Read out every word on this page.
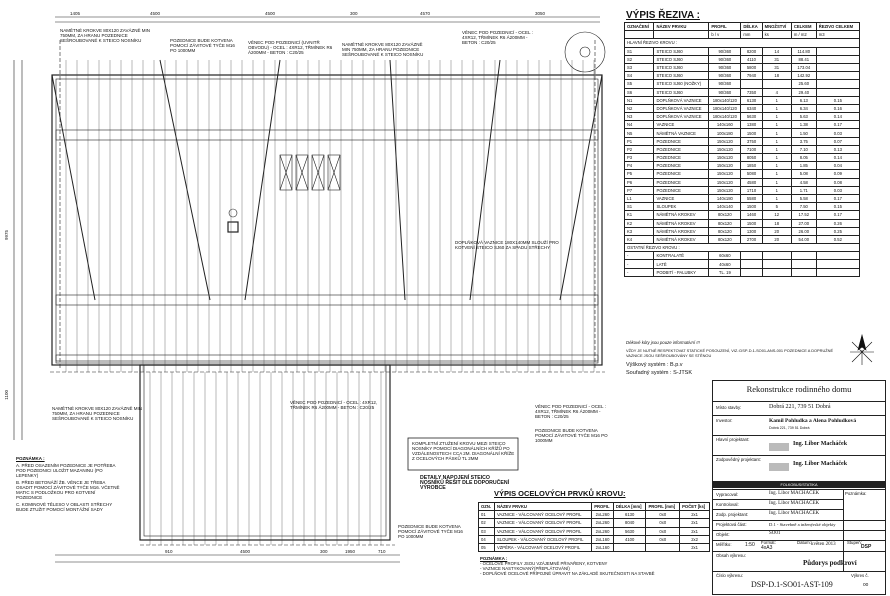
1405	4500	4500	300	4570	3050
910	4500	300	1950	710
9975
1100
NAMĚTNÉ KROKVE 80X120 ZAVÁZNĚ MIN 750MM, ZA HRANU POZEDNICE SEŠROUBOVANÉ K STEICO NOSNÍKU	POZEDNICE BUDE KOTVENA POMOCÍ ZÁVITOVÉ TYČE M16 PO 1000MM
VĚNEC POD POZEDNICÍ (UVNITŘ OBVODU) - OCEL : 4XR12, TŘMÍNEK R6 Á200MM - BETON : C20/25
NAMĚTNÉ KROKVE 80X120 ZAVÁZNĚ MIN 750MM, ZA HRANU POZEDNICE SEŠROUBOVANÉ K STEICO NOSNÍKU
VĚNEC POD POZEDNICÍ - OCEL : 4XR12, TŘMÍNEK R6 Á200MM - BETON : C20/25
DOPLŇKOVÁ VAZNICE 180X140MM SLOUŽÍ PRO KOTVENÍ STEICO SJ60 ZA SPADU STŘECHY
NAMĚTNÉ KROKVE 80X120 ZAVÁZNĚ MIN 750MM, ZA HRANU POZEDNICE SEŠROUBOVANÉ K STEICO NOSNÍKU
VĚNEC POD POZEDNICÍ - OCEL : 4XR12, TŘMÍNEK R6 Á200MM - BETON : C20/25
KOMPLETNÍ ZTUŽENÍ KROVU MEZI STEICO NOSNÍKY POMOCÍ DIAGONÁLNÍCH KŘÍŽŮ PO VZDÁLENOSTECH CCA 2M. DIAGONÁLNÍ KŘÍŽE Z OCELOVÝCH PÁSKŮ TL 2MM
POZEDNICE BUDE KOTVENA POMOCÍ ZÁVITOVÉ TYČE M16 PO 1000MM
VĚNEC POD POZEDNICÍ - OCEL : 4XR12, TŘMÍNEK R6 Á200MM - BETON : C20/25
POZEDNICE BUDE KOTVENA POMOCÍ ZÁVITOVÉ TYČE M16 PO 1000MM
DETAILY NAPOJENÍ STEICO NOSNÍKŮ ŘEŠIT DLE DOPORUČENÍ VÝROBCE
POZNÁMKA :
A. PŘED OSAZENÍM POZEDNICE JE POTŘEBA POD POZEDNICI ULOŽIT MAZANINU (PO LEPENKY)
B. PŘED BETONÁŽÍ ŽB. VĚNCE JE TŘEBA OSADIT POMOCÍ ZÁVITOVÉ TYČE M16. VČETNĚ MATIC S PODLOŽKOU PRO KOTVENÍ POZEDNICE
C. KOMINOVÉ TĚLESO V OBLASTI STŘECHY BUDE ZTUŽIT POMOCÍ MONTÁŽNÍ SADY
VÝPIS ŘEZIVA :
OZNAČENÍ	NÁZEV PRVKU	PROFIL	DÉLKA	MNOŽSTVÍ	CELKEM	ŘEZIVO CELKEM
		b / v	mm	ks	m / m2	m3
HLAVNÍ ŘEZIVO KROVU :						
S1	STEICO SJ60	90/360	8200	14	114.80	
S2	STEICO SJ60	90/360	4110	31	88.41	
S3	STEICO SJ60	90/360	5800	31	173.04	
S4	STEICO SJ60	90/360	7940	18	142.92	
S5	STEICO SJ60 (NOŽKY)	90/360			25.60	
S6	STEICO SJ60	90/360	7350	4	29.40	
N1	DOPLŇKOVÁ VAZNICE	180x140/120	6130	1	6.13	0.15
N2	DOPLŇKOVÁ VAZNICE	180x140/120	6340	1	6.34	0.16
N3	DOPLŇKOVÁ VAZNICE	180x140/120	5630	1	5.63	0.14
N4	VAZNICE	140x160	1380	1	1.38	0.17
N5	NÁMĚTNÁ VAZNICE	100x180	1500	1	1.50	0.03
P1	POZEDNICE	150x120	3750	1	3.75	0.07
P2	POZEDNICE	150x120	7100	1	7.10	0.13
P3	POZEDNICE	150x120	8050	1	8.05	0.14
P4	POZEDNICE	150x120	1850	1	1.85	0.04
P5	POZEDNICE	150x120	5080	1	5.08	0.09
P6	POZEDNICE	150x120	4580	1	4.58	0.08
P7	POZEDNICE	150x120	1710	1	1.71	0.03
L1	VAZNICE	140x180	5580	1	5.58	0.17
S1	SLOUPEK	140x140	1500	5	7.50	0.15
K1	NÁMĚTNÁ KROKEV	80x120	1460	12	17.52	0.17
K2	NÁMĚTNÁ KROKEV	80x120	1500	18	27.00	0.26
K3	NÁMĚTNÁ KROKEV	80x120	1300	20	26.00	0.25
K4	NÁMĚTNÁ KROKEV	80x120	2700	20	54.00	0.52
OSTATNÍ ŘEZIVO KROVU :						
-	KONTRALATĚ	60x60				
-	LATĚ	40x60				
-	PODBITÍ - PALUBKY	TL. 19				
Dékové kóty jsou pouze informativní !!!
VŽDY JE NUTNÉ RESPEKTOVAT STATICKÉ POSOUZENÍ, VIZ.:DSP-D.1-SO01-ANS-001 POZEDNICE A DOPRUŽNÉ VAZNICE JSOU SEŠROUBOVÁNY SE STĚNOU
Výškový systém : B.p.v
Souřadný systém : S-JTSK
VÝPIS OCELOVÝCH PRVKŮ KROVU:
OZN.	NÁZEV PRVKU	PROFIL	DÉLKA [mm]	PROFIL [mm]	POČET [ks]
01	VAZNICE - VÁLCOVANÝ OCELOVÝ PROFIL	2xL260	6130	0x0	2x1
02	VAZNICE - VÁLCOVANÝ OCELOVÝ PROFIL	2xL260	8040	0x0	2x1
03	VAZNICE - VÁLCOVANÝ OCELOVÝ PROFIL	2xL260	5630	0x0	2x1
04	SLOUPEK - VÁLCOVANÝ OCELOVÝ PROFIL	2xL160	4100	0x0	2x2
05	VZPĚRA - VÁLCOVANÝ OCELOVÝ PROFIL	2xL160			2x1
POZNÁMKA :
- OCELOVÉ PROFILY JSOU VZÁJEMNĚ PŘIVAŘENY, KOTVENY
- VAZNICE NASTYKOVANÝ(PŘEPLÁTOVÁNÍ)
- DOPLŇOVÉ OCELOVÉ PŘÍPOJNÉ ÚPRAVIT NA ZÁKLADĚ SKUTEČNOSTI NA STAVBĚ
Rekonstrukce rodinného domu
Místo stavby:	Dobrá 221, 739 51 Dobrá
Investor:	Kamil Pohludka a Alena Pohludková
Dobrá 221, 739 51 Dobrá
Hlavní projektant:
Ing. Libor Macháček
Zodpovědný projektant:
Ing. Libor Macháček
FOLKOBUS/STATIKA
Vypracoval:	Ing. Libor MACHÁČEK
Kontroloval:	Ing. Libor MACHÁČEK
Zodp. projektant:	Ing. Libor MACHÁČEK
Projektová část:	D.1 - Stavebně a inženýrské objekty
Objekt:	SO01
Měřítko:	1:50 Formát:
4xA3
Datum: květen 2013	Stupeň:
DSP
Obsah výkresu:
Půdorys podkroví
Číslo výkresu:
DSP-D.1-SO01-AST-109
Výkres č.
00
Poznámka:
